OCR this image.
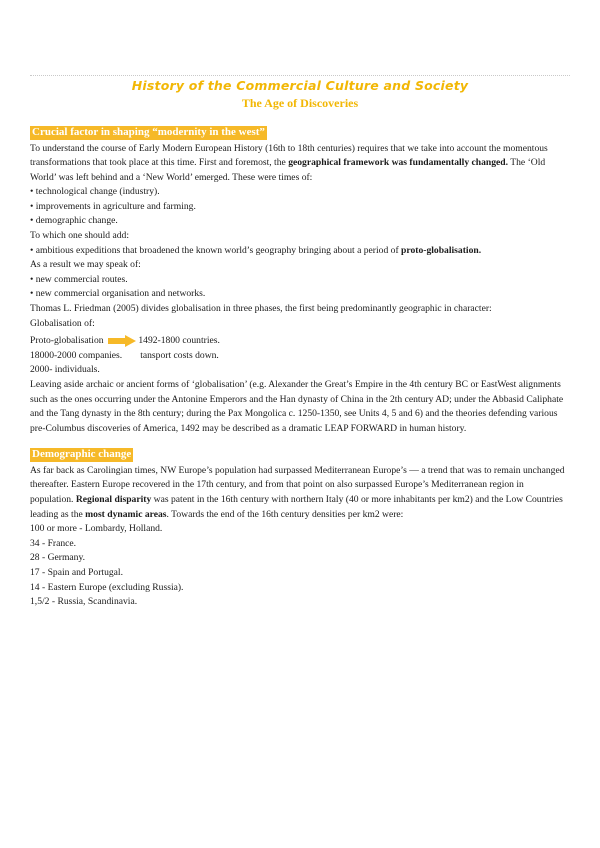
History of the Commercial Culture and Society
The Age of Discoveries
Crucial factor in shaping “modernity in the west”

To understand the course of Early Modern European History (16th to 18th centuries) requires that we take into account the momentous transformations that took place at this time. First and foremost, the geographical framework was fundamentally changed. The ‘Old World’ was left behind and a ‘New World’ emerged. These were times of:

• technological change (industry).

• improvements in agriculture and farming.

• demographic change.

To which one should add:

• ambitious expeditions that broadened the known world’s geography bringing about a period of proto-globalisation.

As a result we may speak of:

• new commercial routes.

• new commercial organisation and networks.

Thomas L. Friedman (2005) divides globalisation in three phases, the first being predominantly geographic in character:

Globalisation of:

Proto-globalisation	1492-1800 countries.

18000-2000 companies. tansport costs down.

2000- individuals.

Leaving aside archaic or ancient forms of ‘globalisation’ (e.g. Alexander the Great’s Empire in the 4th century BC or EastWest alignments such as the ones occurring under the Antonine Emperors and the Han dynasty of China in the 2th century AD; under the Abbasid Caliphate and the Tang dynasty in the 8th century; during the Pax Mongolica c. 1250-1350, see Units 4, 5 and 6) and the theories defending various pre-Columbus discoveries of America, 1492 may be described as a dramatic LEAP FORWARD in human history.

Demographic change

As far back as Carolingian times, NW Europe’s population had surpassed Mediterranean Europe’s — a trend that was to remain unchanged thereafter. Eastern Europe recovered in the 17th century, and from that point on also surpassed Europe’s Mediterranean region in population. Regional disparity was patent in the 16th century with northern Italy (40 or more inhabitants per km2) and the Low Countries leading as the most dynamic areas. Towards the end of the 16th century densities per km2 were:

100 or more - Lombardy, Holland.

34 - France.

28 - Germany.

17 - Spain and Portugal.

14 - Eastern Europe (excluding Russia).

1,5/2 - Russia, Scandinavia.
